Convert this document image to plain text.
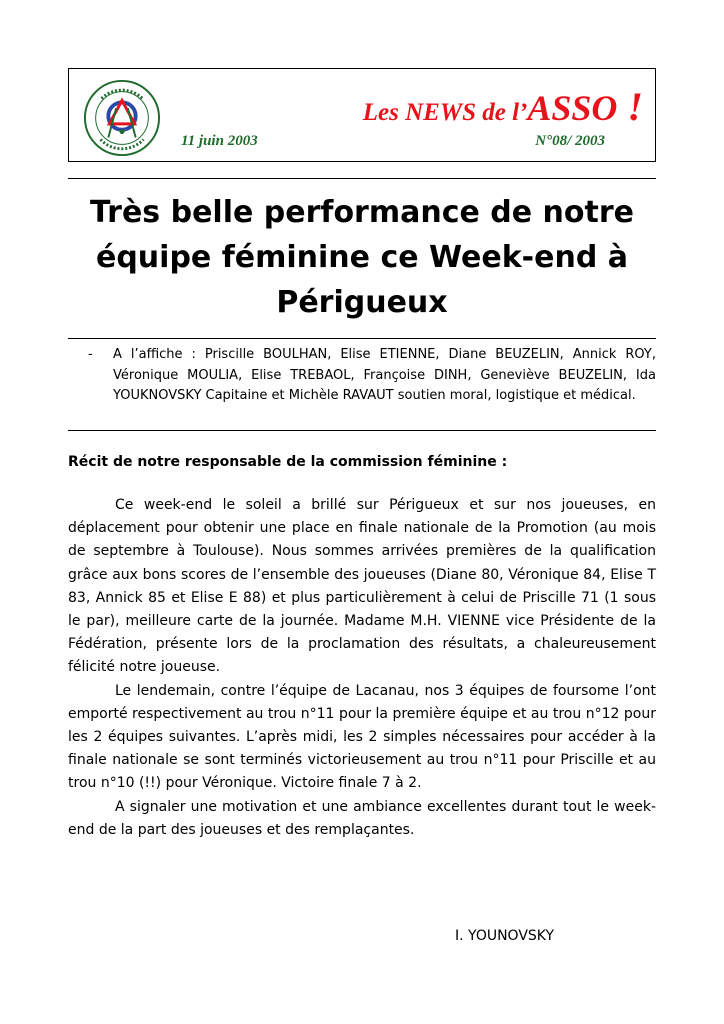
Les NEWS de l’ASSO !
11 juin 2003	N°08/ 2003
Très belle performance de notre
équipe féminine ce Week-end à
Périgueux
- A l’affiche : Priscille BOULHAN, Elise ETIENNE, Diane BEUZELIN, Annick ROY, Véronique MOULIA, Elise TREBAOL, Françoise DINH, Geneviève BEUZELIN, Ida YOUKNOVSKY Capitaine et Michèle RAVAUT soutien moral, logistique et médical.
Récit de notre responsable de la commission féminine :

Ce week-end le soleil a brillé sur Périgueux et sur nos joueuses, en déplacement pour obtenir une place en finale nationale de la Promotion (au mois de septembre à Toulouse). Nous sommes arrivées premières de la qualification grâce aux bons scores de l’ensemble des joueuses (Diane 80, Véronique 84, Elise T 83, Annick 85 et Elise E 88) et plus particulièrement à celui de Priscille 71 (1 sous le par), meilleure carte de la journée. Madame M.H. VIENNE vice Présidente de la Fédération, présente lors de la proclamation des résultats, a chaleureusement félicité notre joueuse.

Le lendemain, contre l’équipe de Lacanau, nos 3 équipes de foursome l’ont emporté respectivement au trou n°11 pour la première équipe et au trou n°12 pour les 2 équipes suivantes. L’après midi, les 2 simples nécessaires pour accéder à la finale nationale se sont terminés victorieusement au trou n°11 pour Priscille et au trou n°10 (!!) pour Véronique. Victoire finale 7 à 2.

A signaler une motivation et une ambiance excellentes durant tout le week-end de la part des joueuses et des remplaçantes.

I. YOUNOVSKY
